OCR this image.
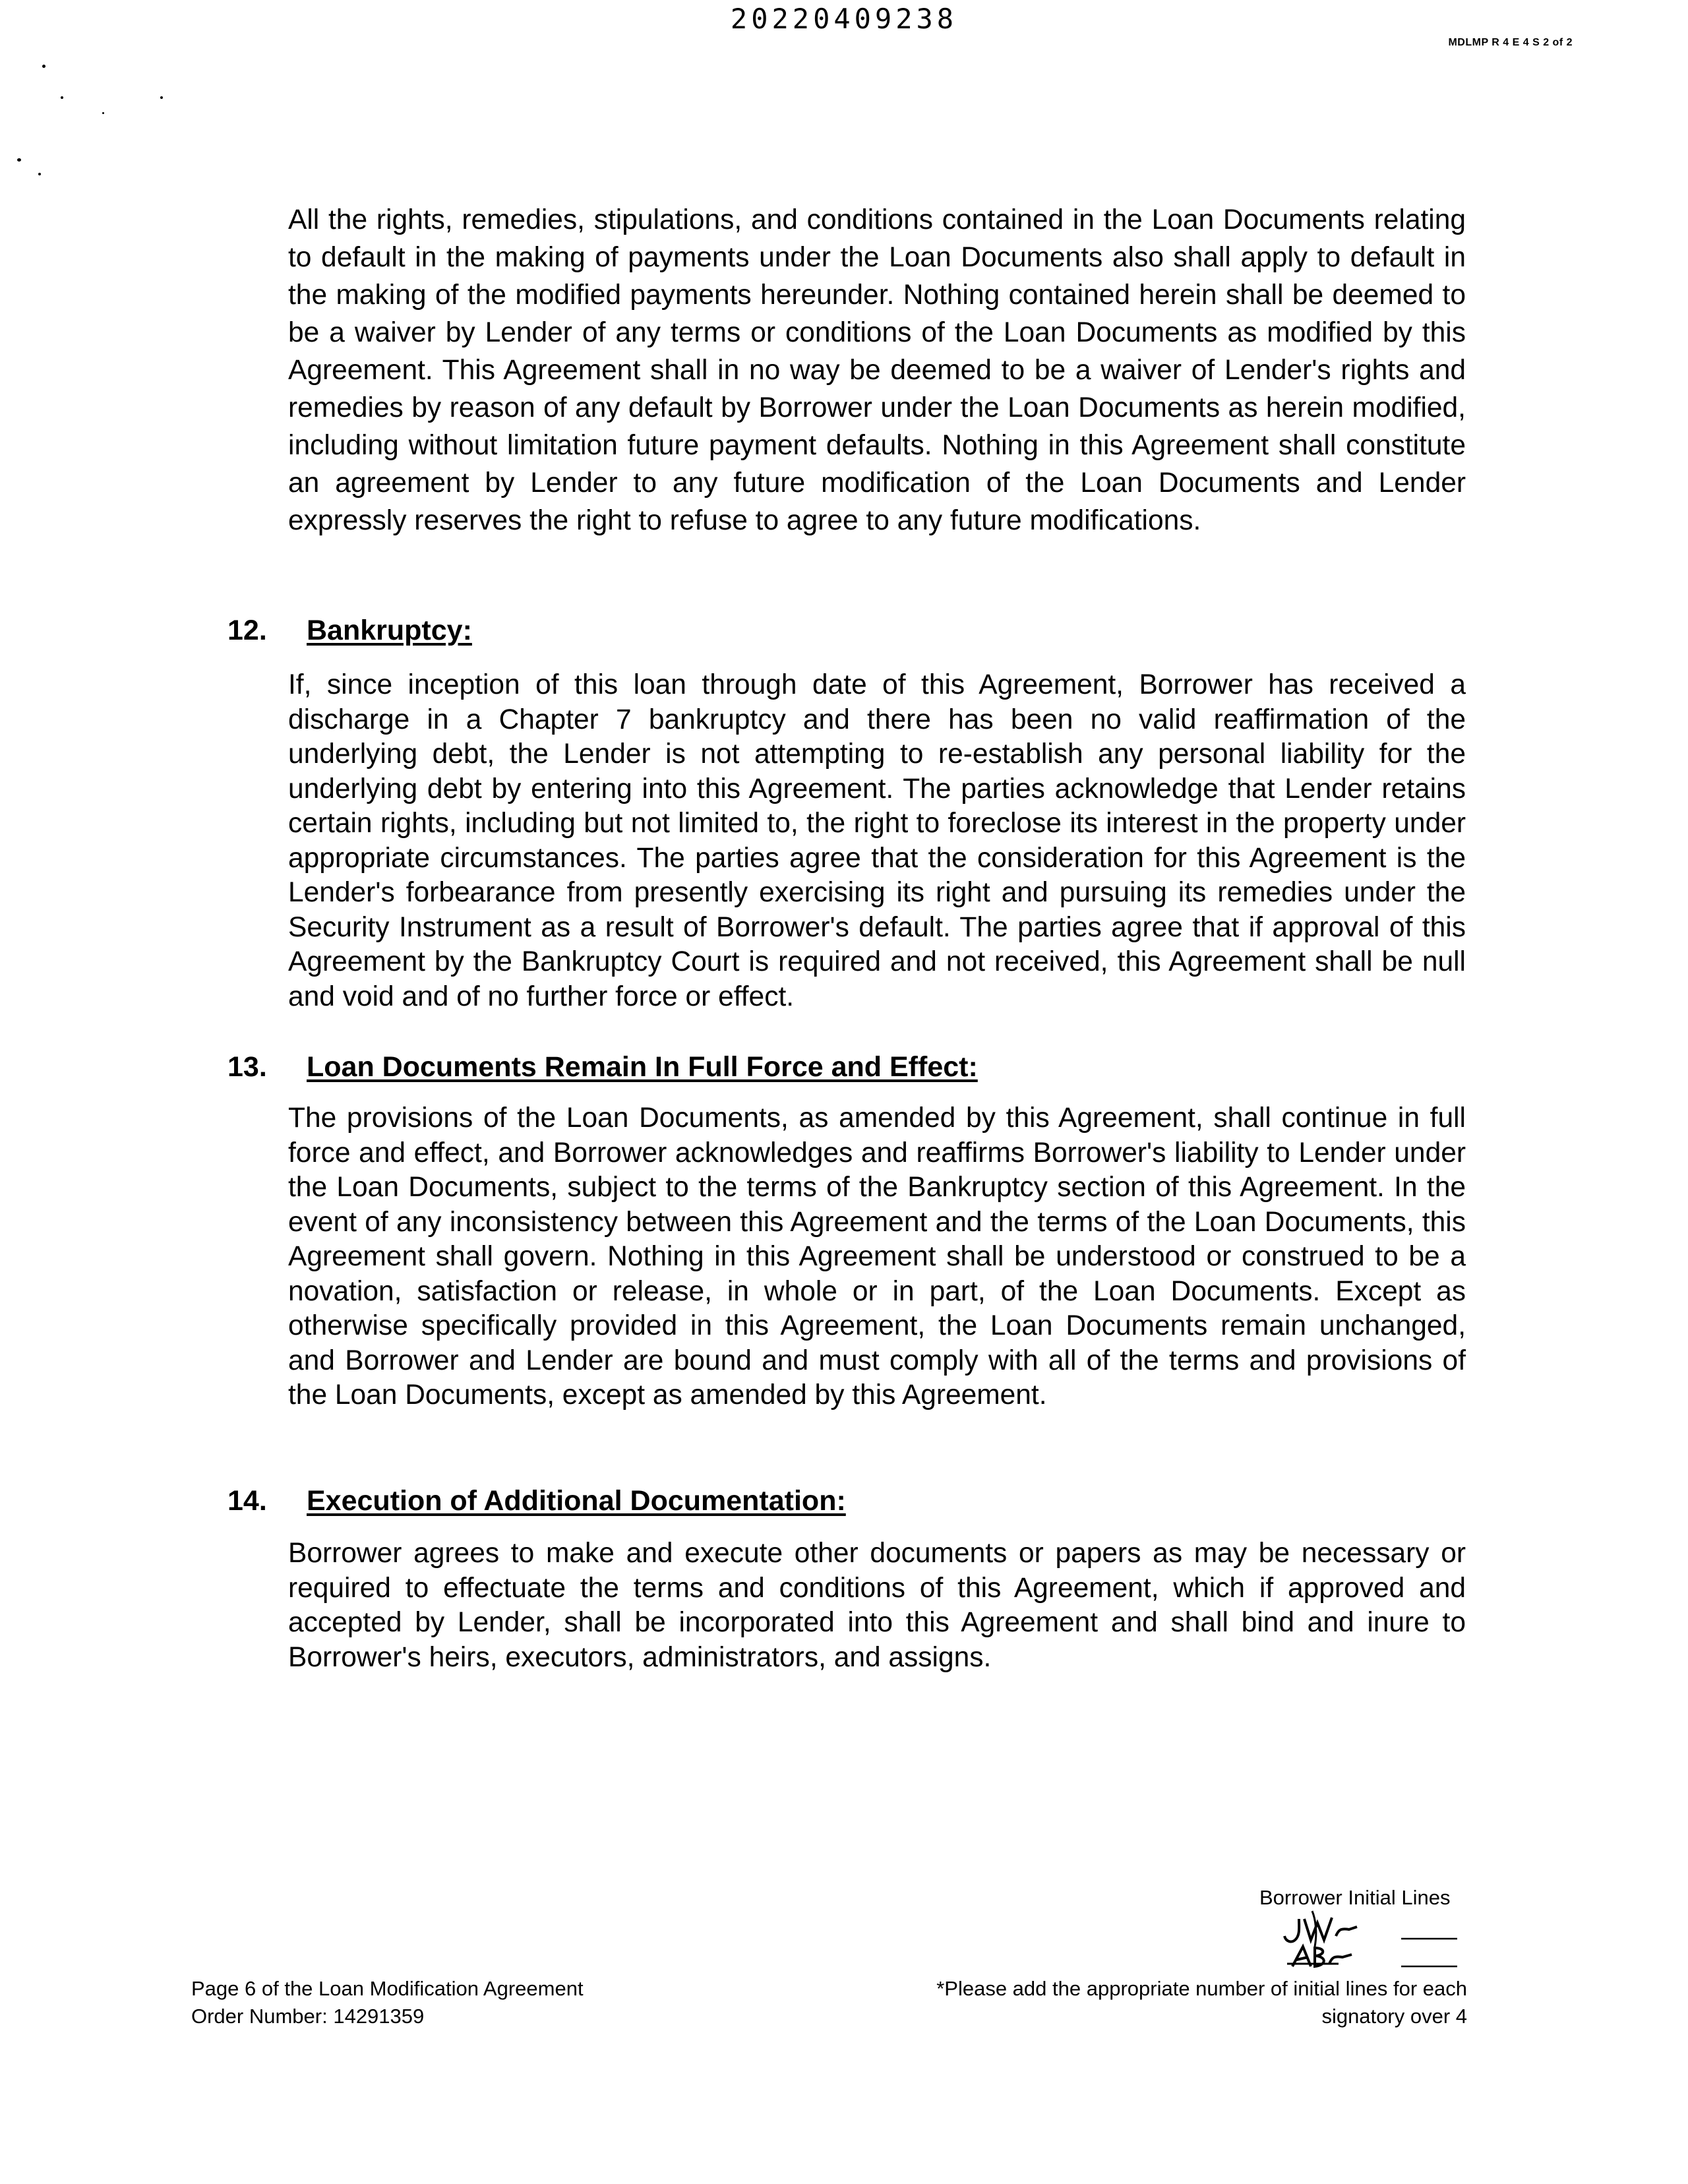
20220409238
MDLMP R 4 E 4 S 2 of 2
All the rights, remedies, stipulations, and conditions contained in the Loan Documents relating to default in the making of payments under the Loan Documents also shall apply to default in the making of the modified payments hereunder. Nothing contained herein shall be deemed to be a waiver by Lender of any terms or conditions of the Loan Documents as modified by this Agreement. This Agreement shall in no way be deemed to be a waiver of Lender's rights and remedies by reason of any default by Borrower under the Loan Documents as herein modified, including without limitation future payment defaults. Nothing in this Agreement shall constitute an agreement by Lender to any future modification of the Loan Documents and Lender expressly reserves the right to refuse to agree to any future modifications.
12. Bankruptcy:
If, since inception of this loan through date of this Agreement, Borrower has received a discharge in a Chapter 7 bankruptcy and there has been no valid reaffirmation of the underlying debt, the Lender is not attempting to re-establish any personal liability for the underlying debt by entering into this Agreement. The parties acknowledge that Lender retains certain rights, including but not limited to, the right to foreclose its interest in the property under appropriate circumstances. The parties agree that the consideration for this Agreement is the Lender's forbearance from presently exercising its right and pursuing its remedies under the Security Instrument as a result of Borrower's default. The parties agree that if approval of this Agreement by the Bankruptcy Court is required and not received, this Agreement shall be null and void and of no further force or effect.
13. Loan Documents Remain In Full Force and Effect:
The provisions of the Loan Documents, as amended by this Agreement, shall continue in full force and effect, and Borrower acknowledges and reaffirms Borrower's liability to Lender under the Loan Documents, subject to the terms of the Bankruptcy section of this Agreement. In the event of any inconsistency between this Agreement and the terms of the Loan Documents, this Agreement shall govern. Nothing in this Agreement shall be understood or construed to be a novation, satisfaction or release, in whole or in part, of the Loan Documents. Except as otherwise specifically provided in this Agreement, the Loan Documents remain unchanged, and Borrower and Lender are bound and must comply with all of the terms and provisions of the Loan Documents, except as amended by this Agreement.
14. Execution of Additional Documentation:
Borrower agrees to make and execute other documents or papers as may be necessary or required to effectuate the terms and conditions of this Agreement, which if approved and accepted by Lender, shall be incorporated into this Agreement and shall bind and inure to Borrower's heirs, executors, administrators, and assigns.
Borrower Initial Lines
Page 6 of the Loan Modification Agreement
Order Number: 14291359
*Please add the appropriate number of initial lines for each
signatory over 4
